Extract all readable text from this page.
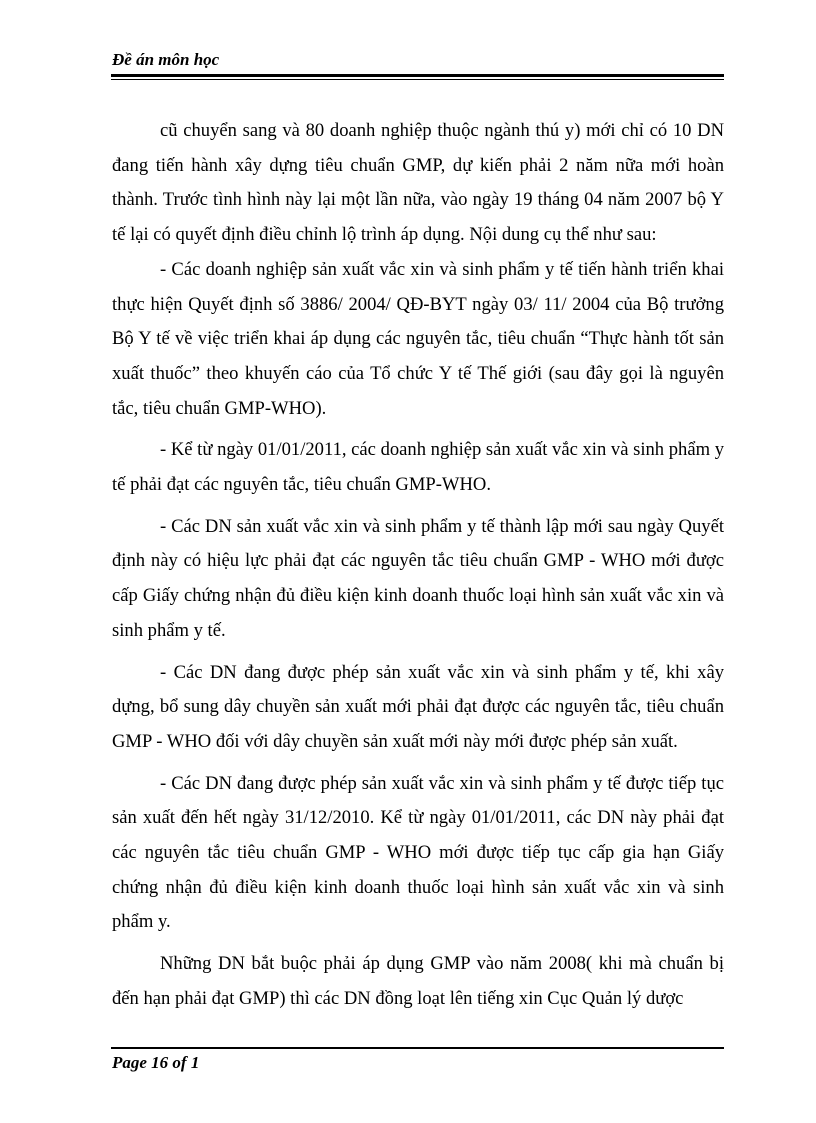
Đề án môn học

cũ chuyển sang và 80 doanh nghiệp thuộc ngành thú y) mới chỉ có 10 DN đang tiến hành xây dựng tiêu chuẩn GMP, dự kiến phải 2 năm nữa mới hoàn thành. Trước tình hình này lại một lần nữa, vào ngày 19 tháng 04 năm 2007 bộ Y tế lại có quyết định điều chỉnh lộ trình áp dụng. Nội dung cụ thể như sau:

- Các doanh nghiệp sản xuất vắc xin và sinh phẩm y tế tiến hành triển khai thực hiện Quyết định số 3886/ 2004/ QĐ-BYT ngày 03/ 11/ 2004 của Bộ trưởng Bộ Y tế về việc triển khai áp dụng các nguyên tắc, tiêu chuẩn “Thực hành tốt sản xuất thuốc” theo khuyến cáo của Tổ chức Y tế Thế giới (sau đây gọi là nguyên tắc, tiêu chuẩn GMP-WHO).

- Kể từ ngày 01/01/2011, các doanh nghiệp sản xuất vắc xin và sinh phẩm y tế phải đạt các nguyên tắc, tiêu chuẩn GMP-WHO.

- Các DN sản xuất vắc xin và sinh phẩm y tế thành lập mới sau ngày Quyết định này có hiệu lực phải đạt các nguyên tắc tiêu chuẩn GMP - WHO mới được cấp Giấy chứng nhận đủ điều kiện kinh doanh thuốc loại hình sản xuất vắc xin và sinh phẩm y tế.

- Các DN đang được phép sản xuất vắc xin và sinh phẩm y tế, khi xây dựng, bổ sung dây chuyền sản xuất mới phải đạt được các nguyên tắc, tiêu chuẩn GMP - WHO đối với dây chuyền sản xuất mới này mới được phép sản xuất.

- Các DN đang được phép sản xuất vắc xin và sinh phẩm y tế được tiếp tục sản xuất đến hết ngày 31/12/2010. Kể từ ngày 01/01/2011, các DN này phải đạt các nguyên tắc tiêu chuẩn GMP - WHO mới được tiếp tục cấp gia hạn Giấy chứng nhận đủ điều kiện kinh doanh thuốc loại hình sản xuất vắc xin và sinh phẩm y.

Những DN bắt buộc phải áp dụng GMP vào năm 2008( khi mà chuẩn bị đến hạn phải đạt GMP) thì các DN đồng loạt lên tiếng xin Cục Quản lý dược

Page 16 of 1
